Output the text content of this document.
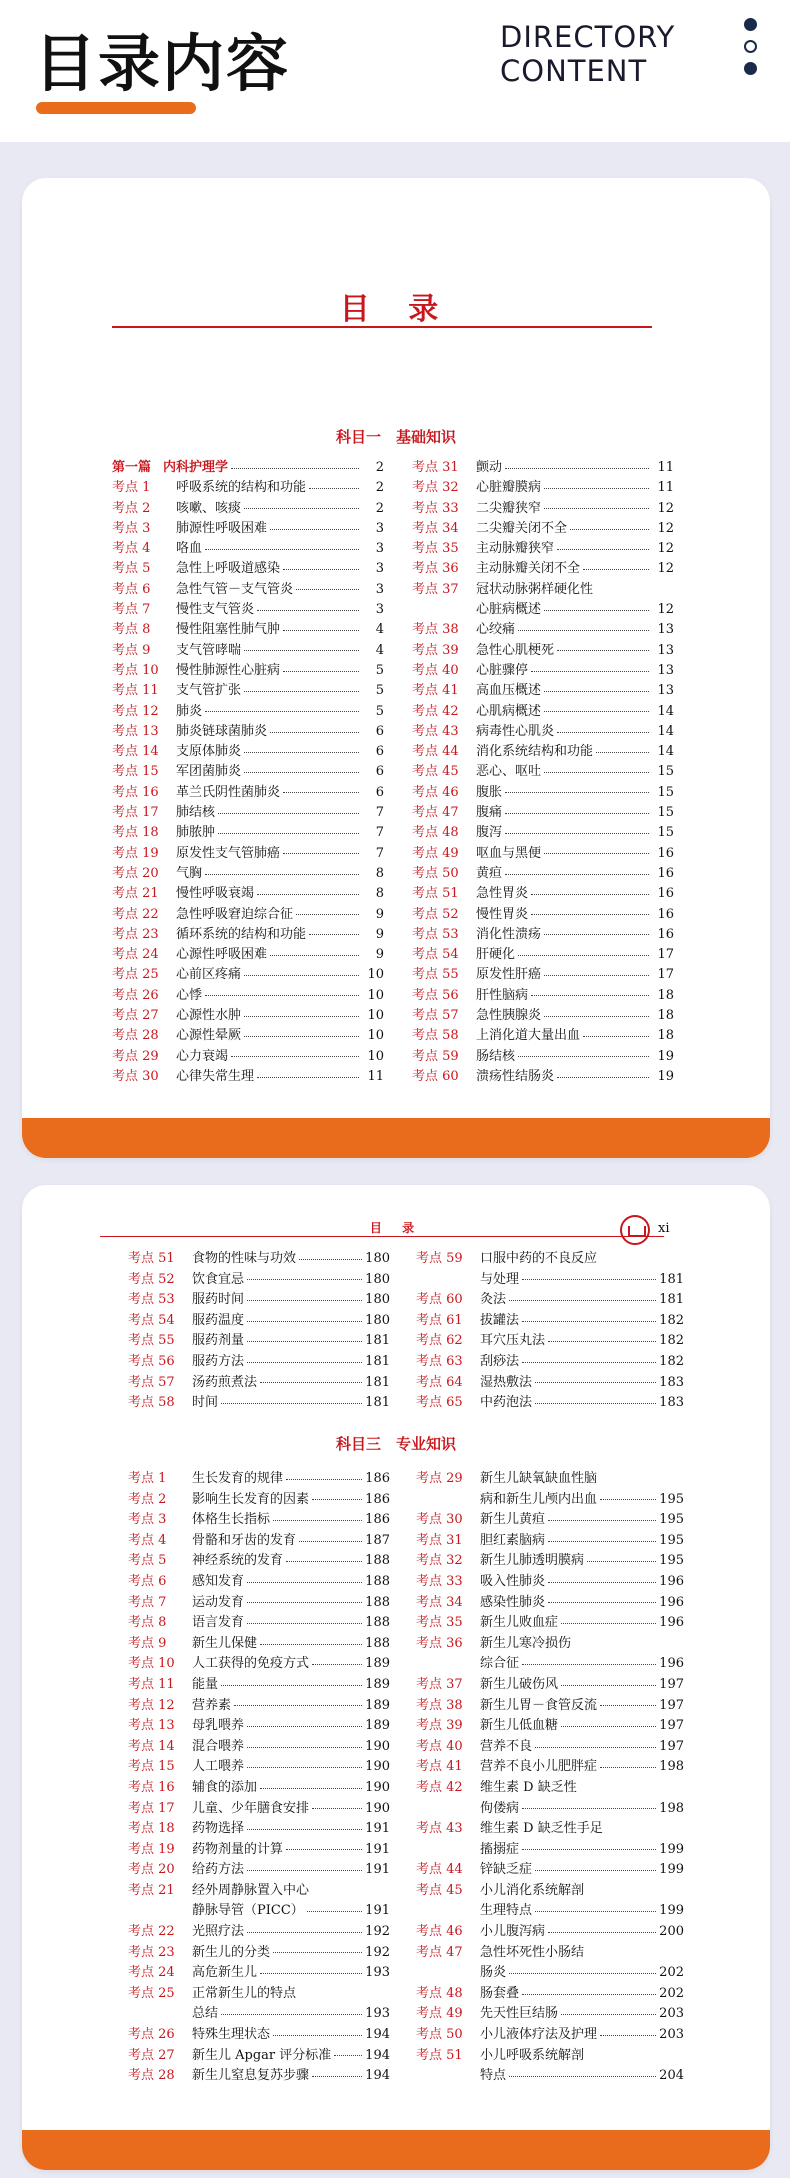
目录内容	DIRECTORY
CONTENT
目 录
科目一　基础知识
第一篇 内科护理学	2
考点 1	呼吸系统的结构和功能	2
考点 2	咳嗽、咳痰	2
考点 3	肺源性呼吸困难	3
考点 4	咯血	3
考点 5	急性上呼吸道感染	3
考点 6	急性气管－支气管炎	3
考点 7	慢性支气管炎	3
考点 8	慢性阻塞性肺气肿	4
考点 9	支气管哮喘	4
考点 10	慢性肺源性心脏病	5
考点 11	支气管扩张	5
考点 12	肺炎	5
考点 13	肺炎链球菌肺炎	6
考点 14	支原体肺炎	6
考点 15	军团菌肺炎	6
考点 16	革兰氏阴性菌肺炎	6
考点 17	肺结核	7
考点 18	肺脓肿	7
考点 19	原发性支气管肺癌	7
考点 20	气胸	8
考点 21	慢性呼吸衰竭	8
考点 22	急性呼吸窘迫综合征	9
考点 23	循环系统的结构和功能	9
考点 24	心源性呼吸困难	9
考点 25	心前区疼痛	10
考点 26	心悸	10
考点 27	心源性水肿	10
考点 28	心源性晕厥	10
考点 29	心力衰竭	10
考点 30	心律失常生理	11
考点 31	颤动	11
考点 32	心脏瓣膜病	11
考点 33	二尖瓣狭窄	12
考点 34	二尖瓣关闭不全	12
考点 35	主动脉瓣狭窄	12
考点 36	主动脉瓣关闭不全	12
考点 37	冠状动脉粥样硬化性
心脏病概述	12
考点 38	心绞痛	13
考点 39	急性心肌梗死	13
考点 40	心脏骤停	13
考点 41	高血压概述	13
考点 42	心肌病概述	14
考点 43	病毒性心肌炎	14
考点 44	消化系统结构和功能	14
考点 45	恶心、呕吐	15
考点 46	腹胀	15
考点 47	腹痛	15
考点 48	腹泻	15
考点 49	呕血与黑便	16
考点 50	黄疸	16
考点 51	急性胃炎	16
考点 52	慢性胃炎	16
考点 53	消化性溃疡	16
考点 54	肝硬化	17
考点 55	原发性肝癌	17
考点 56	肝性脑病	18
考点 57	急性胰腺炎	18
考点 58	上消化道大量出血	18
考点 59	肠结核	19
考点 60	溃疡性结肠炎	19
目 录	xi
考点 51	食物的性味与功效	180
考点 52	饮食宜忌	180
考点 53	服药时间	180
考点 54	服药温度	180
考点 55	服药剂量	181
考点 56	服药方法	181
考点 57	汤药煎煮法	181
考点 58	时间	181
考点 59	口服中药的不良反应
与处理	181
考点 60	灸法	181
考点 61	拔罐法	182
考点 62	耳穴压丸法	182
考点 63	刮痧法	182
考点 64	湿热敷法	183
考点 65	中药泡法	183
科目三　专业知识
考点 1	生长发育的规律	186
考点 2	影响生长发育的因素	186
考点 3	体格生长指标	186
考点 4	骨骼和牙齿的发育	187
考点 5	神经系统的发育	188
考点 6	感知发育	188
考点 7	运动发育	188
考点 8	语言发育	188
考点 9	新生儿保健	188
考点 10	人工获得的免疫方式	189
考点 11	能量	189
考点 12	营养素	189
考点 13	母乳喂养	189
考点 14	混合喂养	190
考点 15	人工喂养	190
考点 16	辅食的添加	190
考点 17	儿童、少年膳食安排	190
考点 18	药物选择	191
考点 19	药物剂量的计算	191
考点 20	给药方法	191
考点 21	经外周静脉置入中心
静脉导管（PICC）	191
考点 22	光照疗法	192
考点 23	新生儿的分类	192
考点 24	高危新生儿	193
考点 25	正常新生儿的特点
总结	193
考点 26	特殊生理状态	194
考点 27	新生儿 Apgar 评分标准	194
考点 28	新生儿窒息复苏步骤	194
考点 29	新生儿缺氧缺血性脑
病和新生儿颅内出血	195
考点 30	新生儿黄疸	195
考点 31	胆红素脑病	195
考点 32	新生儿肺透明膜病	195
考点 33	吸入性肺炎	196
考点 34	感染性肺炎	196
考点 35	新生儿败血症	196
考点 36	新生儿寒冷损伤
综合征	196
考点 37	新生儿破伤风	197
考点 38	新生儿胃－食管反流	197
考点 39	新生儿低血糖	197
考点 40	营养不良	197
考点 41	营养不良小儿肥胖症	198
考点 42	维生素 D 缺乏性
佝偻病	198
考点 43	维生素 D 缺乏性手足
搐搦症	199
考点 44	锌缺乏症	199
考点 45	小儿消化系统解剖
生理特点	199
考点 46	小儿腹泻病	200
考点 47	急性坏死性小肠结
肠炎	202
考点 48	肠套叠	202
考点 49	先天性巨结肠	203
考点 50	小儿液体疗法及护理	203
考点 51	小儿呼吸系统解剖
特点	204
